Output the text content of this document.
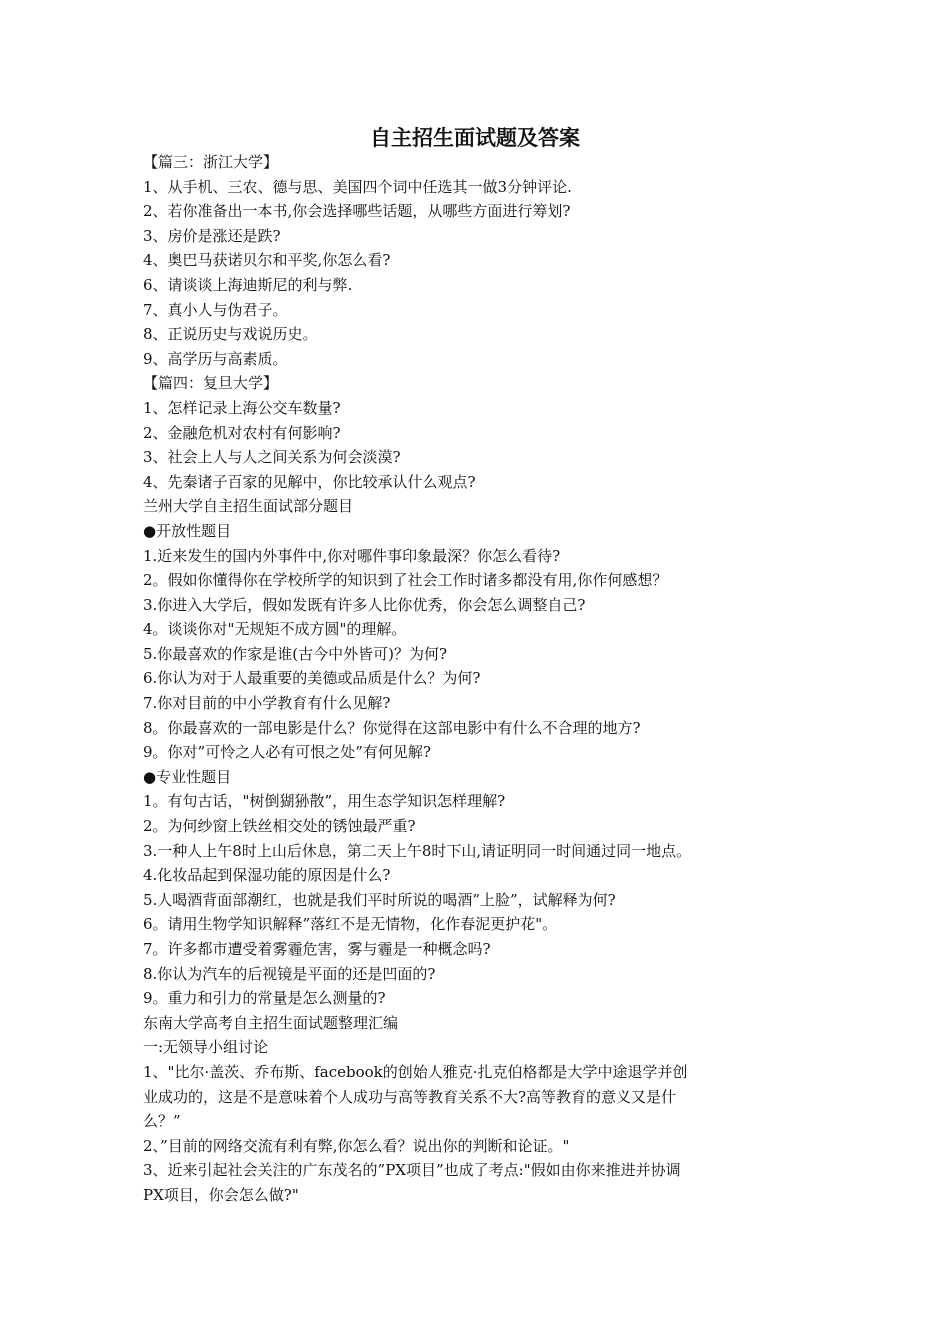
自主招生面试题及答案

【篇三：浙江大学】

1、从手机、三农、德与思、美国四个词中任选其一做3分钟评论.

2、若你准备出一本书,你会选择哪些话题，从哪些方面进行筹划?

3、房价是涨还是跌?

4、奥巴马获诺贝尔和平奖,你怎么看?

6、请谈谈上海迪斯尼的利与弊.

7、真小人与伪君子。

8、正说历史与戏说历史。

9、高学历与高素质。

【篇四：复旦大学】

1、怎样记录上海公交车数量?

2、金融危机对农村有何影响?

3、社会上人与人之间关系为何会淡漠?

4、先秦诸子百家的见解中，你比较承认什么观点?

兰州大学自主招生面试部分题目

●开放性题目

1.近来发生的国内外事件中,你对哪件事印象最深？你怎么看待?

2。假如你懂得你在学校所学的知识到了社会工作时诸多都没有用,你作何感想？

3.你进入大学后，假如发既有许多人比你优秀，你会怎么调整自己?

4。谈谈你对"无规矩不成方圆"的理解。

5.你最喜欢的作家是谁(古今中外皆可)？为何?

6.你认为对于人最重要的美德或品质是什么？为何?

7.你对目前的中小学教育有什么见解?

8。你最喜欢的一部电影是什么？你觉得在这部电影中有什么不合理的地方?

9。你对”可怜之人必有可恨之处”有何见解?

●专业性题目

1。有句古话，"树倒猢狲散”，用生态学知识怎样理解?

2。为何纱窗上铁丝相交处的锈蚀最严重?

3.一种人上午8时上山后休息，第二天上午8时下山,请证明同一时间通过同一地点。

4.化妆品起到保湿功能的原因是什么?

5.人喝酒背面部潮红，也就是我们平时所说的喝酒”上脸”，试解释为何?

6。请用生物学知识解释”落红不是无情物，化作春泥更护花"。

7。许多都市遭受着雾霾危害，雾与霾是一种概念吗?

8.你认为汽车的后视镜是平面的还是凹面的?

9。重力和引力的常量是怎么测量的?

东南大学高考自主招生面试题整理汇编

一:无领导小组讨论

1、"比尔·盖茨、乔布斯、facebook的创始人雅克·扎克伯格都是大学中途退学并创

业成功的，这是不是意味着个人成功与高等教育关系不大?高等教育的意义又是什

么？”

2、”目前的网络交流有利有弊,你怎么看？说出你的判断和论证。"

3、近来引起社会关注的广东茂名的”PX项目”也成了考点:"假如由你来推进并协调

PX项目，你会怎么做?"
